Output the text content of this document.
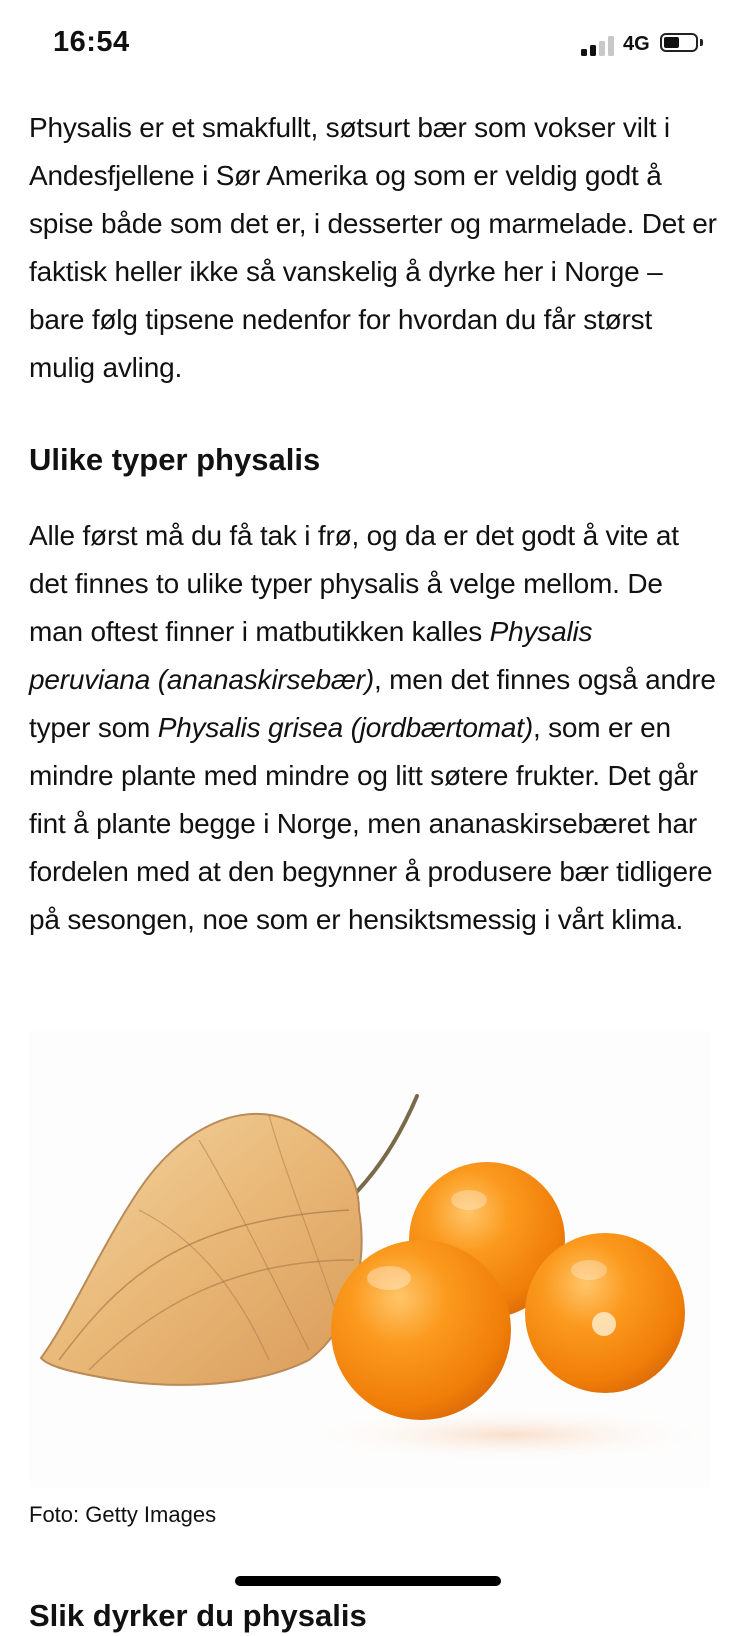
16:54	4G

Physalis er et smakfullt, søtsurt bær som vokser vilt i Andesfjellene i Sør Amerika og som er veldig godt å spise både som det er, i desserter og marmelade. Det er faktisk heller ikke så vanskelig å dyrke her i Norge – bare følg tipsene nedenfor for hvordan du får størst mulig avling.

Ulike typer physalis

Alle først må du få tak i frø, og da er det godt å vite at det finnes to ulike typer physalis å velge mellom. De man oftest finner i matbutikken kalles Physalis peruviana (ananaskirsebær), men det finnes også andre typer som Physalis grisea (jordbærtomat), som er en mindre plante med mindre og litt søtere frukter. Det går fint å plante begge i Norge, men ananaskirsebæret har fordelen med at den begynner å produsere bær tidligere på sesongen, noe som er hensiktsmessig i vårt klima.

Foto: Getty Images
Slik dyrker du physalis
